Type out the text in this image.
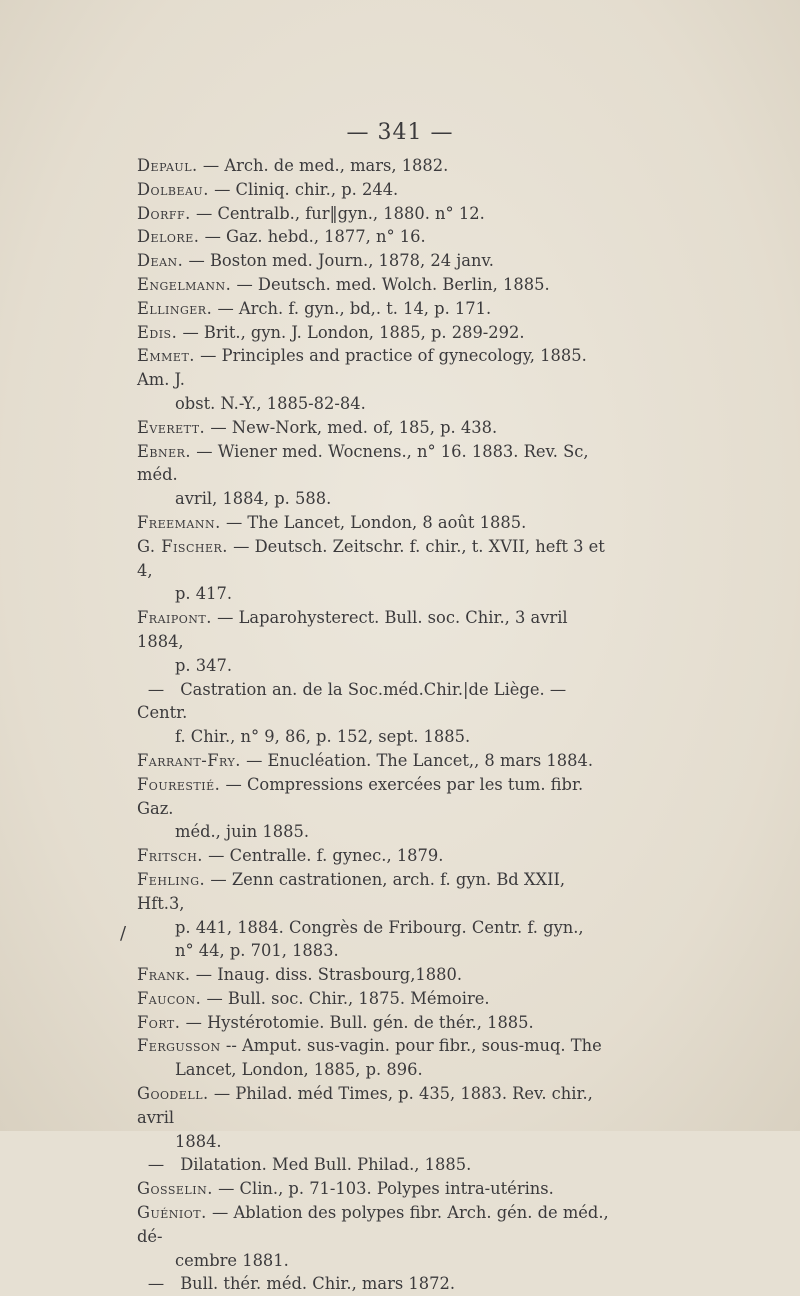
— 341 —
/
Depaul. — Arch. de med., mars, 1882.
Dolbeau. — Cliniq. chir., p. 244.
Dorff. — Centralb., fur‖gyn., 1880. n° 12.
Delore. — Gaz. hebd., 1877, n° 16.
Dean. — Boston med. Journ., 1878, 24 janv.
Engelmann. — Deutsch. med. Wolch. Berlin, 1885.
Ellinger. — Arch. f. gyn., bd,. t. 14, p. 171.
Edis. — Brit., gyn. J. London, 1885, p. 289-292.
Emmet. — Principles and practice of gynecology, 1885. Am. J.
obst. N.-Y., 1885-82-84.
Everett. — New-Nork, med. of, 185, p. 438.
Ebner. — Wiener med. Wocnens., n° 16. 1883. Rev. Sc, méd.
avril, 1884, p. 588.
Freemann. — The Lancet, London, 8 août 1885.
G. Fischer. — Deutsch. Zeitschr. f. chir., t. XVII, heft 3 et 4,
p. 417.
Fraipont. — Laparohysterect. Bull. soc. Chir., 3 avril 1884,
p. 347.
— Castration an. de la Soc.méd.Chir.|de Liège. — Centr.
f. Chir., n° 9, 86, p. 152, sept. 1885.
Farrant-Fry. — Enucléation. The Lancet,, 8 mars 1884.
Fourestié. — Compressions exercées par les tum. fibr. Gaz.
méd., juin 1885.
Fritsch. — Centralle. f. gynec., 1879.
Fehling. — Zenn castrationen, arch. f. gyn. Bd XXII, Hft.3,
p. 441, 1884. Congrès de Fribourg. Centr. f. gyn.,
n° 44, p. 701, 1883.
Frank. — Inaug. diss. Strasbourg,1880.
Faucon. — Bull. soc. Chir., 1875. Mémoire.
Fort. — Hystérotomie. Bull. gén. de thér., 1885.
Fergusson -- Amput. sus-vagin. pour fibr., sous-muq. The
Lancet, London, 1885, p. 896.
Goodell. — Philad. méd Times, p. 435, 1883. Rev. chir., avril
1884.
— Dilatation. Med Bull. Philad., 1885.
Gosselin. — Clin., p. 71-103. Polypes intra-utérins.
Guéniot. — Ablation des polypes fibr. Arch. gén. de méd., dé-
cembre 1881.
— Bull. thér. méd. Chir., mars 1872.
